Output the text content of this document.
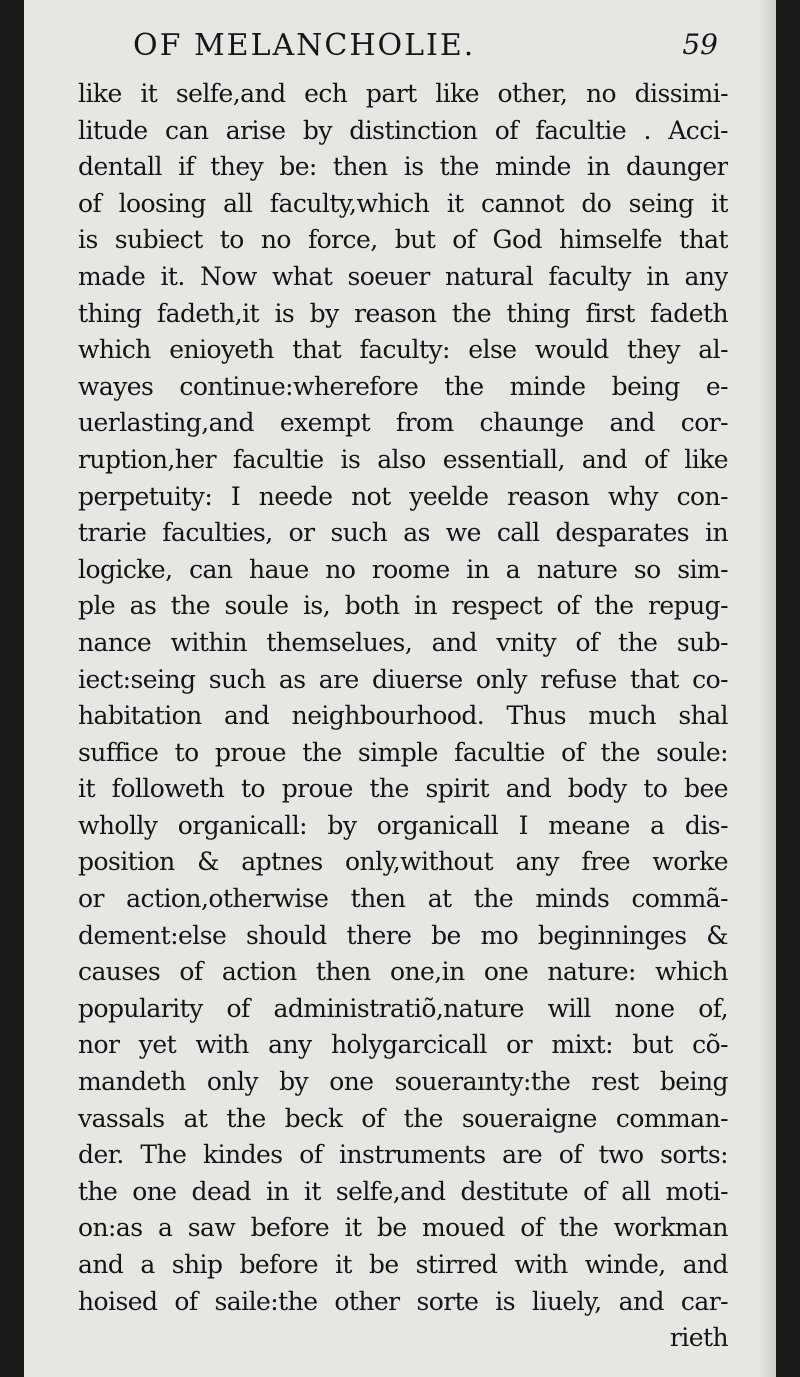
OF MELANCHOLIE.	59
like it selfe,and ech part like other, no dissimi-
litude can arise by distinction of facultie . Acci-
dentall if they be: then is the minde in daunger
of loosing all faculty,which it cannot do seing it
is subiect to no force, but of God himselfe that
made it. Now what soeuer natural faculty in any
thing fadeth,it is by reason the thing first fadeth
which enioyeth that faculty: else would they al-
wayes continue:wherefore the minde being e-
uerlasting,and exempt from chaunge and cor-
ruption,her facultie is also essentiall, and of like
perpetuity: I neede not yeelde reason why con-
trarie faculties, or such as we call desparates in
logicke, can haue no roome in a nature so sim-
ple as the soule is, both in respect of the repug-
nance within themselues, and vnity of the sub-
iect:seing such as are diuerse only refuse that co-
habitation and neighbourhood. Thus much shal
suffice to proue the simple facultie of the soule:
it followeth to proue the spirit and body to bee
wholly organicall: by organicall I meane a dis-
position & aptnes only,without any free worke
or action,otherwise then at the minds commã-
dement:else should there be mo beginninges &
causes of action then one,in one nature: which
popularity of administratiõ,nature will none of,
nor yet with any holygarcicall or mixt: but cõ-
mandeth only by one soueraınty:the rest being
vassals at the beck of the soueraigne comman-
der. The kindes of instruments are of two sorts:
the one dead in it selfe,and destitute of all moti-
on:as a saw before it be moued of the workman
and a ship before it be stirred with winde, and
hoised of saile:the other sorte is liuely, and car-
rieth
